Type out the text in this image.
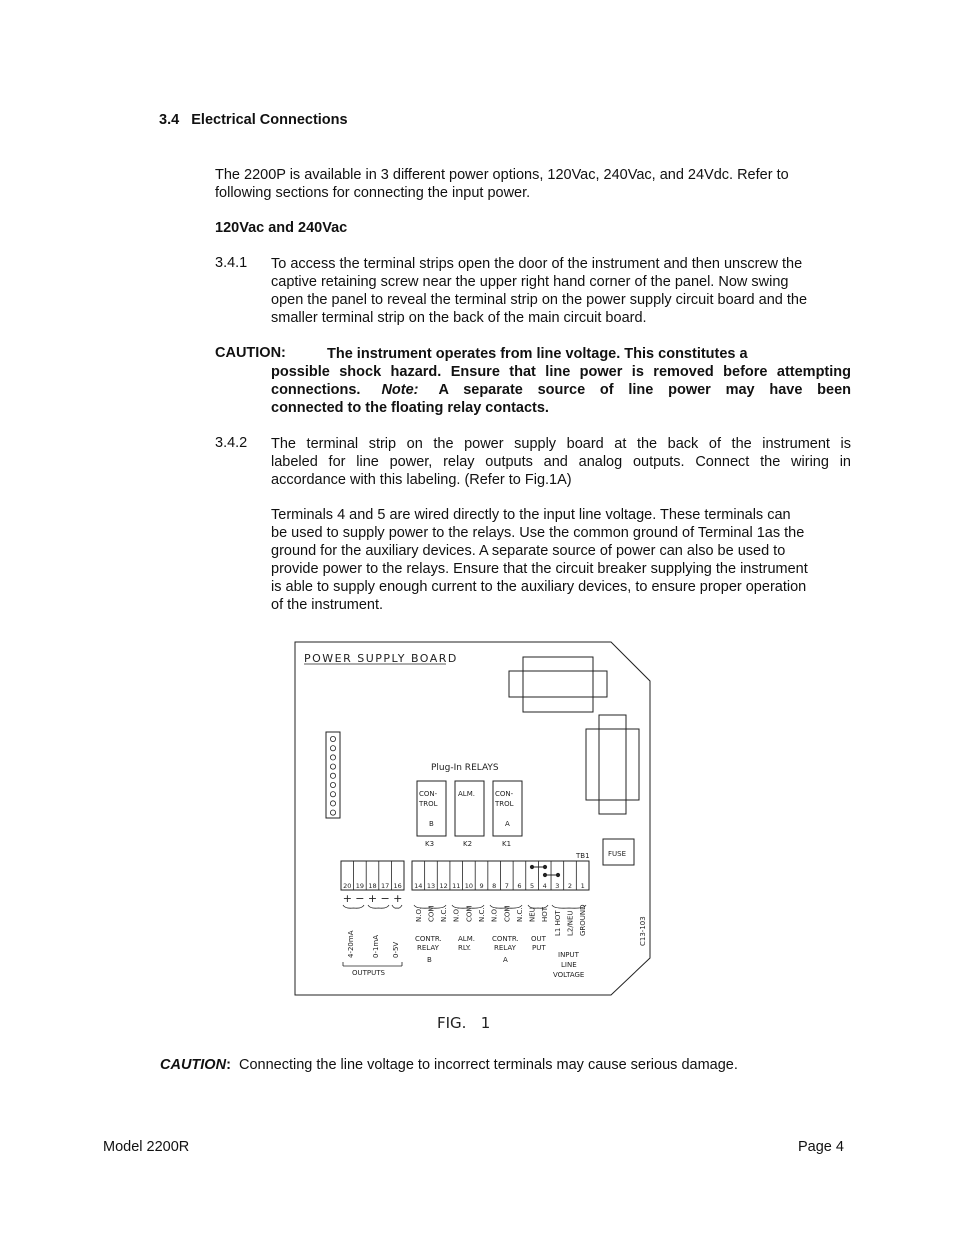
3.4 Electrical Connections
The 2200P is available in 3 different power options, 120Vac, 240Vac, and 24Vdc. Refer to
following sections for connecting the input power.
120Vac and 240Vac
3.4.1 To access the terminal strips open the door of the instrument and then unscrew the
captive retaining screw near the upper right hand corner of the panel. Now swing
open the panel to reveal the terminal strip on the power supply circuit board and the
smaller terminal strip on the back of the main circuit board.
CAUTION:	The instrument operates from line voltage. This constitutes a
possible shock hazard. Ensure that line power is removed before attempting
connections. Note: A separate source of line power may have been
connected to the floating relay contacts.
3.4.2 The terminal strip on the power supply board at the back of the instrument is
labeled for line power, relay outputs and analog outputs. Connect the wiring in
accordance with this labeling. (Refer to Fig.1A)
Terminals 4 and 5 are wired directly to the input line voltage. These terminals can
be used to supply power to the relays. Use the common ground of Terminal 1as the
ground for the auxiliary devices. A separate source of power can also be used to
provide power to the relays. Ensure that the circuit breaker supplying the instrument
is able to supply enough current to the auxiliary devices, to ensure proper operation
of the instrument.
POWER SUPPLY BOARD
Plug-In RELAYS
CON-
TROL
B
K3
ALM.
K2
CON-
TROL
A
K1
FUSE
TB1
C13-103
20 19 18 17 16 14 13 12 11 10 9 8 7 6 5 4 3 2 1
+ − + − +
4-20mA 0-1mA 0-5V
N.O. COM N.C. N.O. COM N.C. N.O. COM N.C. NEU HOT L1 HOT L2/NEU GROUND
OUTPUTS
CONTR.
RELAY
B
ALM.
RLY.
CONTR.
RELAY
A
OUT
PUT
INPUT
LINE
VOLTAGE
FIG.   1
CAUTION: Connecting the line voltage to incorrect terminals may cause serious damage.
Model 2200R	Page 4
